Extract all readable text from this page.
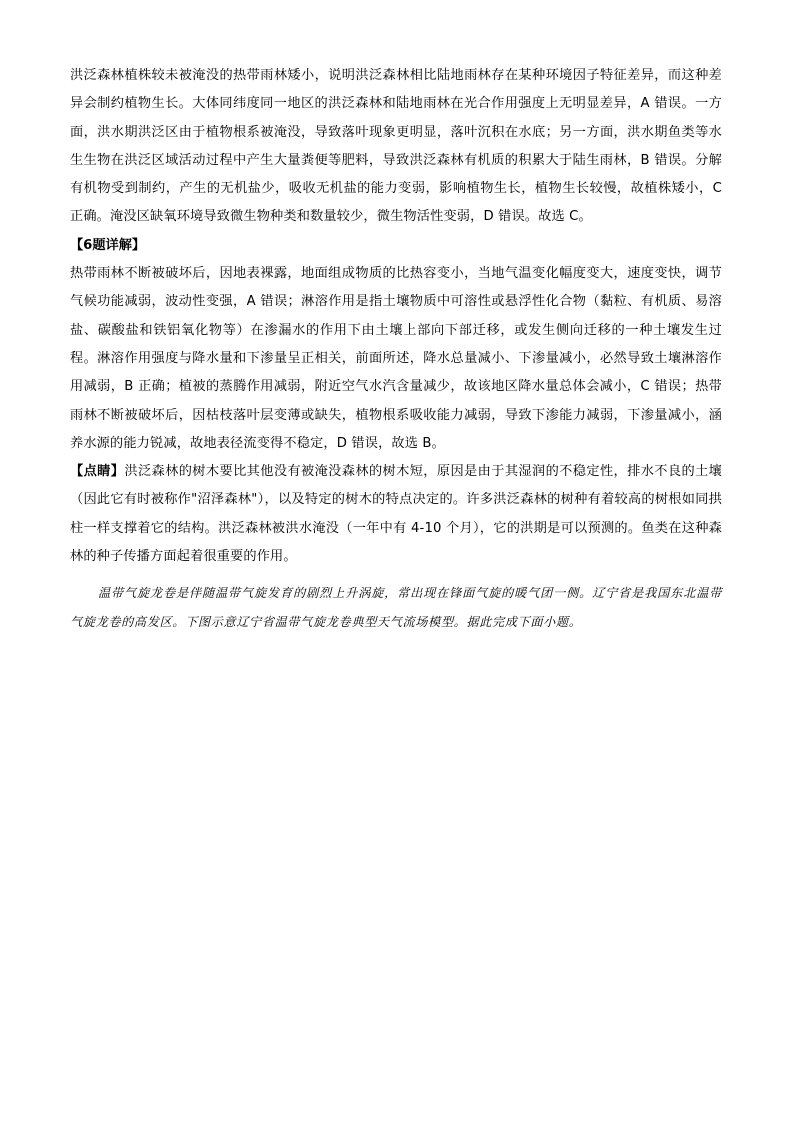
洪泛森林植株较未被淹没的热带雨林矮小，说明洪泛森林相比陆地雨林存在某种环境因子特征差异，而这种差异会制约植物生长。大体同纬度同一地区的洪泛森林和陆地雨林在光合作用强度上无明显差异，A 错误。一方面，洪水期洪泛区由于植物根系被淹没，导致落叶现象更明显，落叶沉积在水底；另一方面，洪水期鱼类等水生生物在洪泛区域活动过程中产生大量粪便等肥料，导致洪泛森林有机质的积累大于陆生雨林，B 错误。分解有机物受到制约，产生的无机盐少，吸收无机盐的能力变弱，影响植物生长，植物生长较慢，故植株矮小，C 正确。淹没区缺氧环境导致微生物种类和数量较少，微生物活性变弱，D 错误。故选 C。

【6题详解】

热带雨林不断被破坏后，因地表裸露，地面组成物质的比热容变小，当地气温变化幅度变大，速度变快，调节气候功能减弱，波动性变强，A 错误；淋溶作用是指土壤物质中可溶性或悬浮性化合物（黏粒、有机质、易溶盐、碳酸盐和铁铝氧化物等）在渗漏水的作用下由土壤上部向下部迁移，或发生侧向迁移的一种土壤发生过程。淋溶作用强度与降水量和下渗量呈正相关，前面所述，降水总量减小、下渗量减小，必然导致土壤淋溶作用减弱，B 正确；植被的蒸腾作用减弱，附近空气水汽含量减少，故该地区降水量总体会减小，C 错误；热带雨林不断被破坏后，因枯枝落叶层变薄或缺失，植物根系吸收能力减弱，导致下渗能力减弱，下渗量减小，涵养水源的能力锐减，故地表径流变得不稳定，D 错误，故选 B。

【点睛】洪泛森林的树木要比其他没有被淹没森林的树木短，原因是由于其湿润的不稳定性，排水不良的土壤（因此它有时被称作"沼泽森林"），以及特定的树木的特点决定的。许多洪泛森林的树种有着较高的树根如同拱柱一样支撑着它的结构。洪泛森林被洪水淹没（一年中有 4-10 个月），它的洪期是可以预测的。鱼类在这种森林的种子传播方面起着很重要的作用。

温带气旋龙卷是伴随温带气旋发育的剧烈上升涡旋，常出现在锋面气旋的暖气团一侧。辽宁省是我国东北温带气旋龙卷的高发区。下图示意辽宁省温带气旋龙卷典型天气流场模型。据此完成下面小题。
